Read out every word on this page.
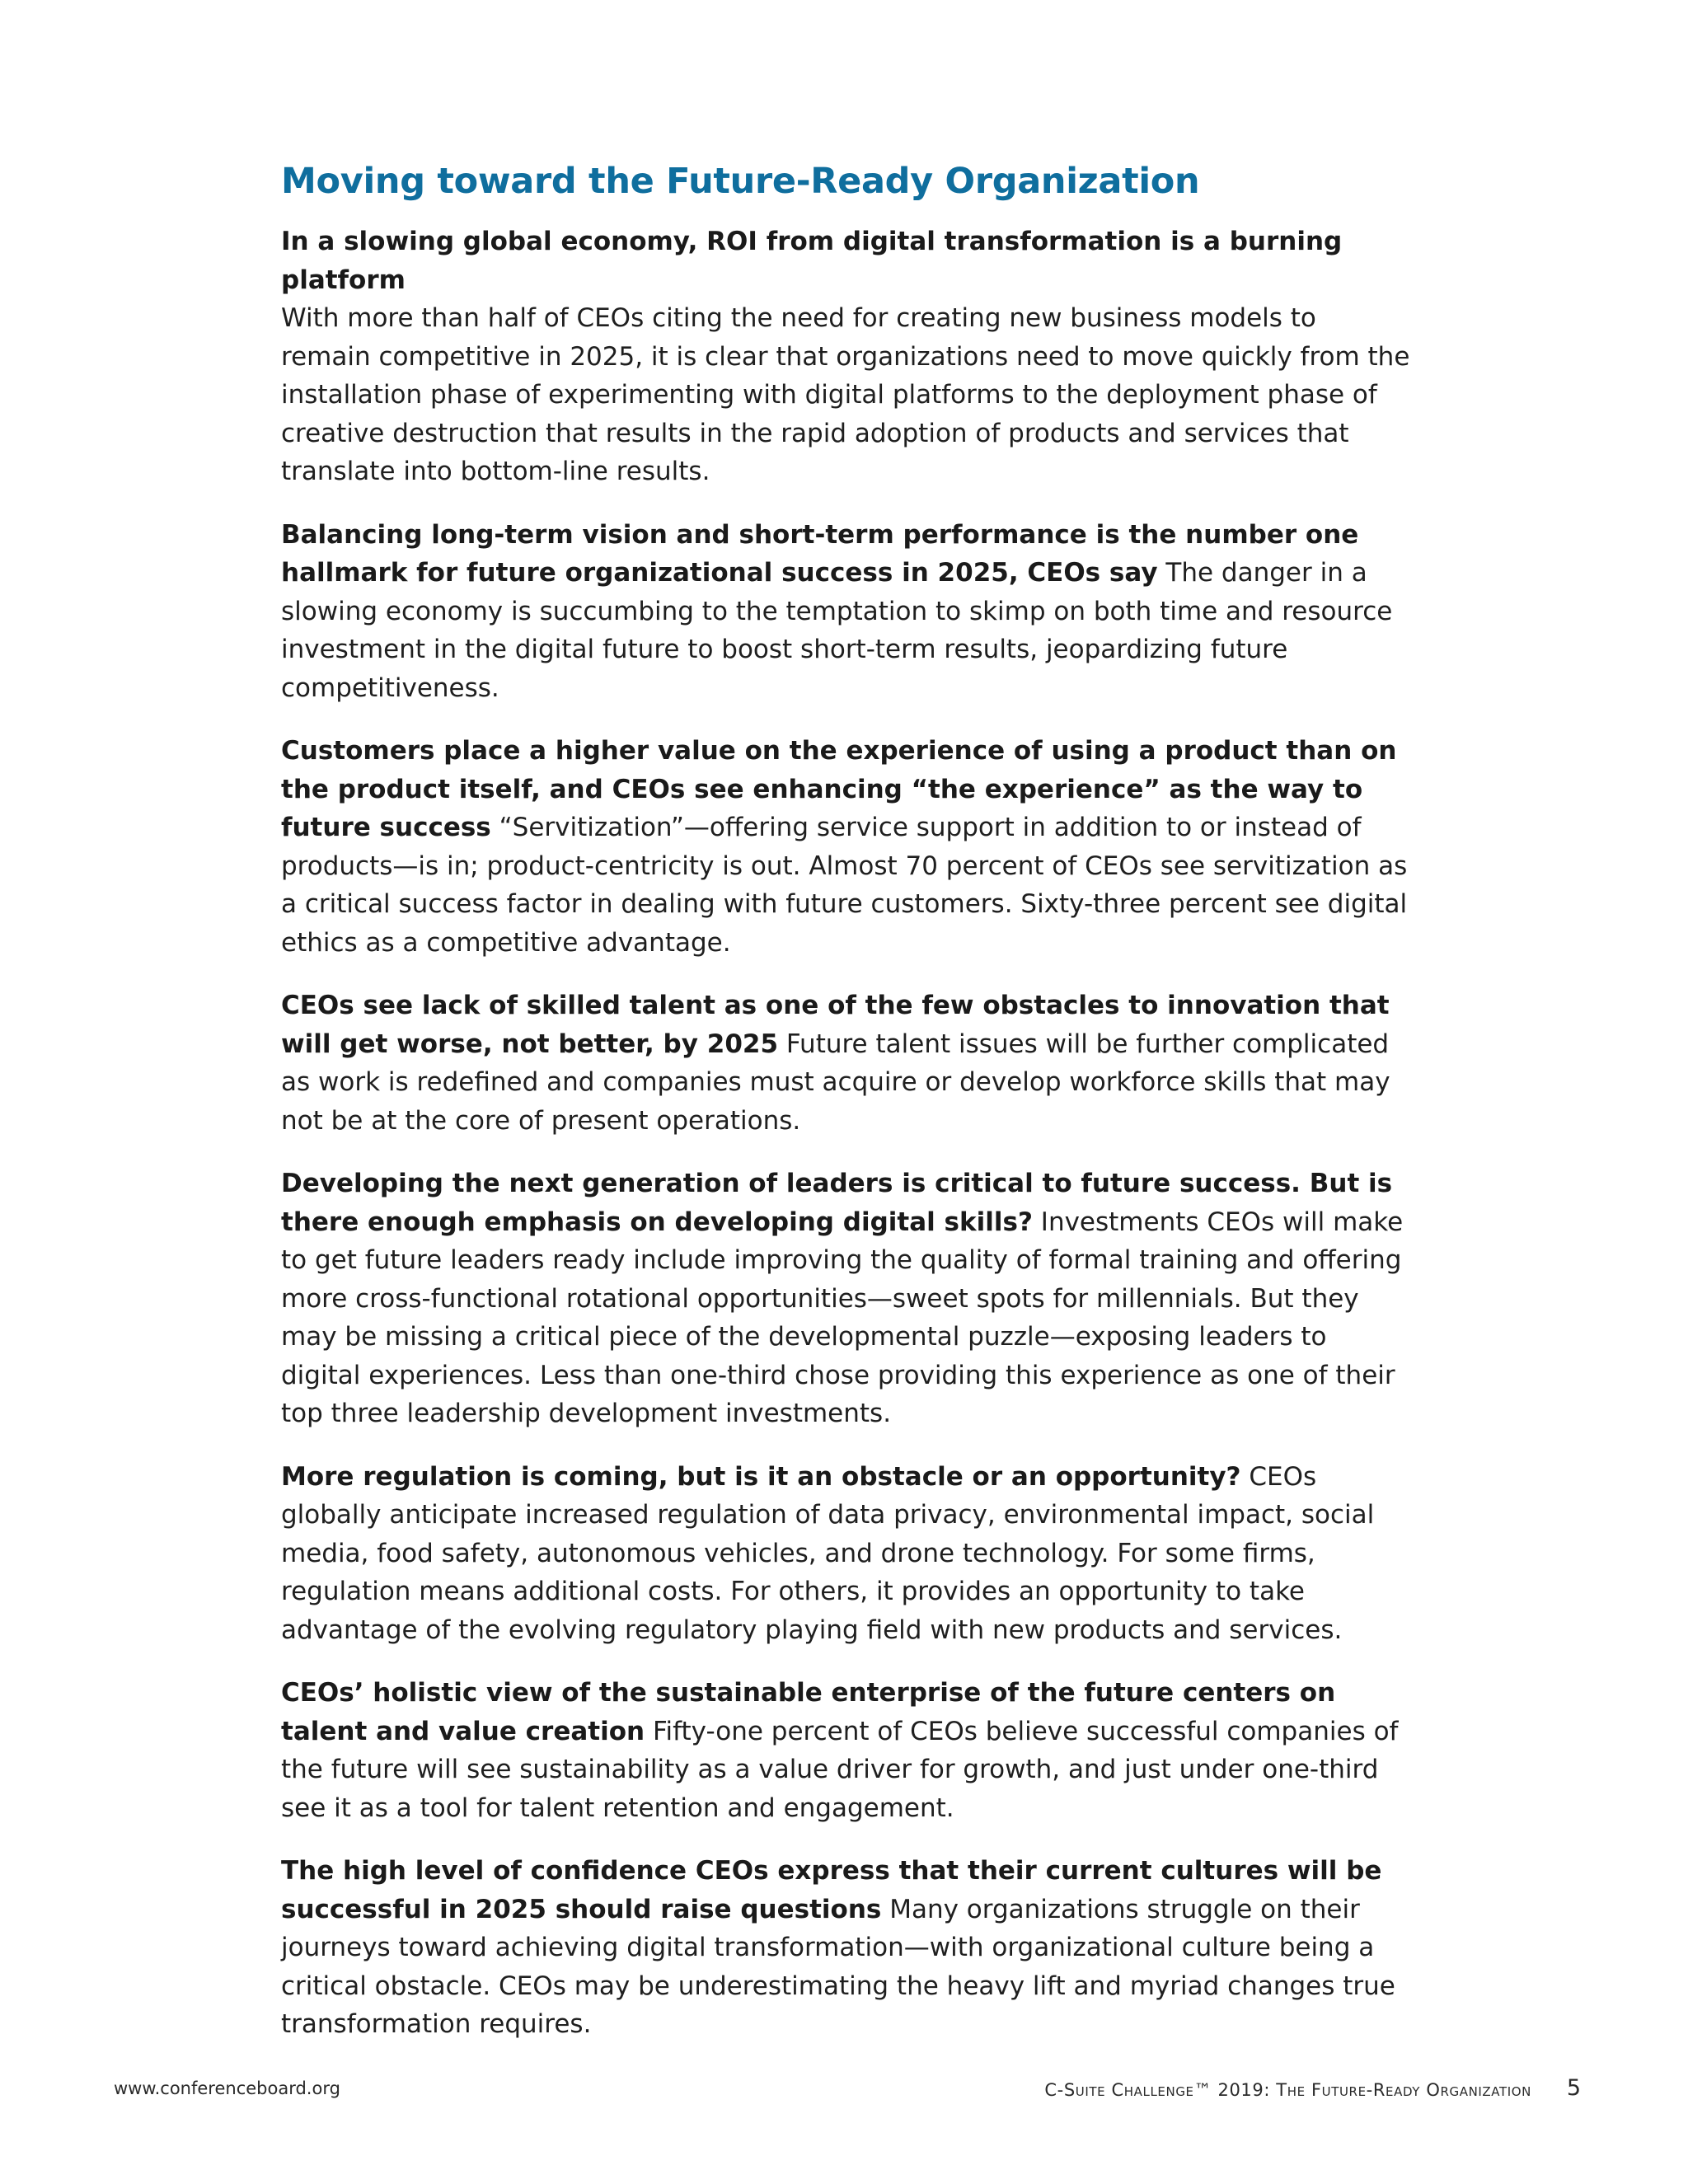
Moving toward the Future-Ready Organization

In a slowing global economy, ROI from digital transformation is a burning platform
With more than half of CEOs citing the need for creating new business models to remain competitive in 2025, it is clear that organizations need to move quickly from the installation phase of experimenting with digital platforms to the deployment phase of creative destruction that results in the rapid adoption of products and services that translate into bottom-line results.

Balancing long-term vision and short-term performance is the number one hallmark for future organizational success in 2025, CEOs say The danger in a slowing economy is succumbing to the temptation to skimp on both time and resource investment in the digital future to boost short-term results, jeopardizing future competitiveness.

Customers place a higher value on the experience of using a product than on the product itself, and CEOs see enhancing “the experience” as the way to future success “Servitization”—offering service support in addition to or instead of products—is in; product-centricity is out. Almost 70 percent of CEOs see servitization as a critical success factor in dealing with future customers. Sixty-three percent see digital ethics as a competitive advantage.

CEOs see lack of skilled talent as one of the few obstacles to innovation that will get worse, not better, by 2025 Future talent issues will be further complicated as work is redefined and companies must acquire or develop workforce skills that may not be at the core of present operations.

Developing the next generation of leaders is critical to future success. But is there enough emphasis on developing digital skills? Investments CEOs will make to get future leaders ready include improving the quality of formal training and offering more cross-functional rotational opportunities—sweet spots for millennials. But they may be missing a critical piece of the developmental puzzle—exposing leaders to digital experiences. Less than one-third chose providing this experience as one of their top three leadership development investments.

More regulation is coming, but is it an obstacle or an opportunity? CEOs globally anticipate increased regulation of data privacy, environmental impact, social media, food safety, autonomous vehicles, and drone technology. For some firms, regulation means additional costs. For others, it provides an opportunity to take advantage of the evolving regulatory playing field with new products and services.

CEOs’ holistic view of the sustainable enterprise of the future centers on talent and value creation Fifty-one percent of CEOs believe successful companies of the future will see sustainability as a value driver for growth, and just under one-third see it as a tool for talent retention and engagement.

The high level of confidence CEOs express that their current cultures will be successful in 2025 should raise questions Many organizations struggle on their journeys toward achieving digital transformation—with organizational culture being a critical obstacle. CEOs may be underestimating the heavy lift and myriad changes true transformation requires.

www.conferenceboard.org	C-Suite Challenge™ 2019: The Future-Ready Organization 5
